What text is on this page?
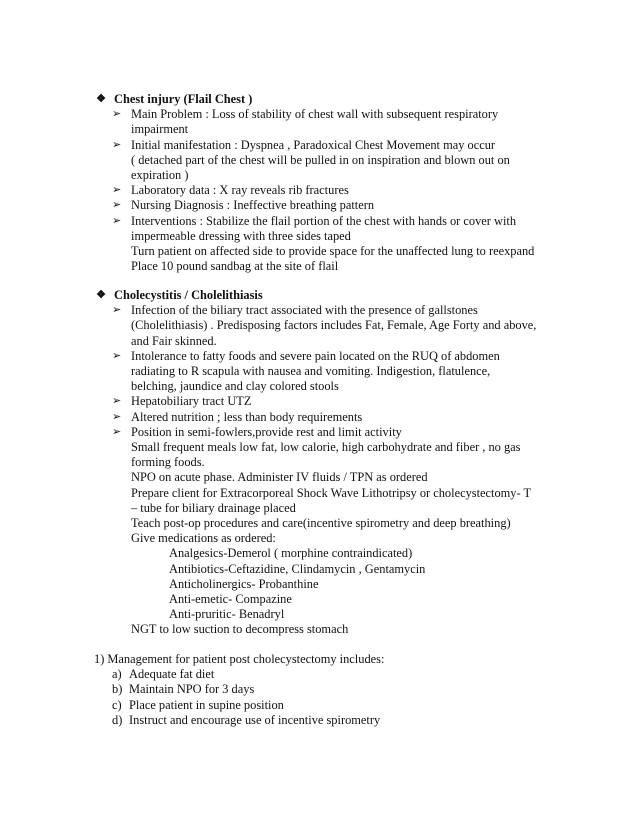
❖ Chest injury (Flail Chest )
➢ Main Problem : Loss of stability of chest wall with subsequent respiratory
impairment
➢ Initial manifestation : Dyspnea , Paradoxical Chest Movement may occur
( detached part of the chest will be pulled in on inspiration and blown out on
expiration )
➢ Laboratory data : X ray reveals rib fractures
➢ Nursing Diagnosis : Ineffective breathing pattern
➢ Interventions : Stabilize the flail portion of the chest with hands or cover with
impermeable dressing with three sides taped
Turn patient on affected side to provide space for the unaffected lung to reexpand
Place 10 pound sandbag at the site of flail
❖ Cholecystitis / Cholelithiasis
➢ Infection of the biliary tract associated with the presence of gallstones
(Cholelithiasis) . Predisposing factors includes Fat, Female, Age Forty and above,
and Fair skinned.
➢ Intolerance to fatty foods and severe pain located on the RUQ of abdomen
radiating to R scapula with nausea and vomiting. Indigestion, flatulence,
belching, jaundice and clay colored stools
➢ Hepatobiliary tract UTZ
➢ Altered nutrition ; less than body requirements
➢ Position in semi-fowlers,provide rest and limit activity
Small frequent meals low fat, low calorie, high carbohydrate and fiber , no gas
forming foods.
NPO on acute phase. Administer IV fluids / TPN as ordered
Prepare client for Extracorporeal Shock Wave Lithotripsy or cholecystectomy- T
– tube for biliary drainage placed
Teach post-op procedures and care(incentive spirometry and deep breathing)
Give medications as ordered:
Analgesics-Demerol ( morphine contraindicated)
Antibiotics-Ceftazidine, Clindamycin , Gentamycin
Anticholinergics- Probanthine
Anti-emetic- Compazine
Anti-pruritic- Benadryl
NGT to low suction to decompress stomach
1) Management for patient post cholecystectomy includes:
a) Adequate fat diet
b) Maintain NPO for 3 days
c) Place patient in supine position
d) Instruct and encourage use of incentive spirometry
